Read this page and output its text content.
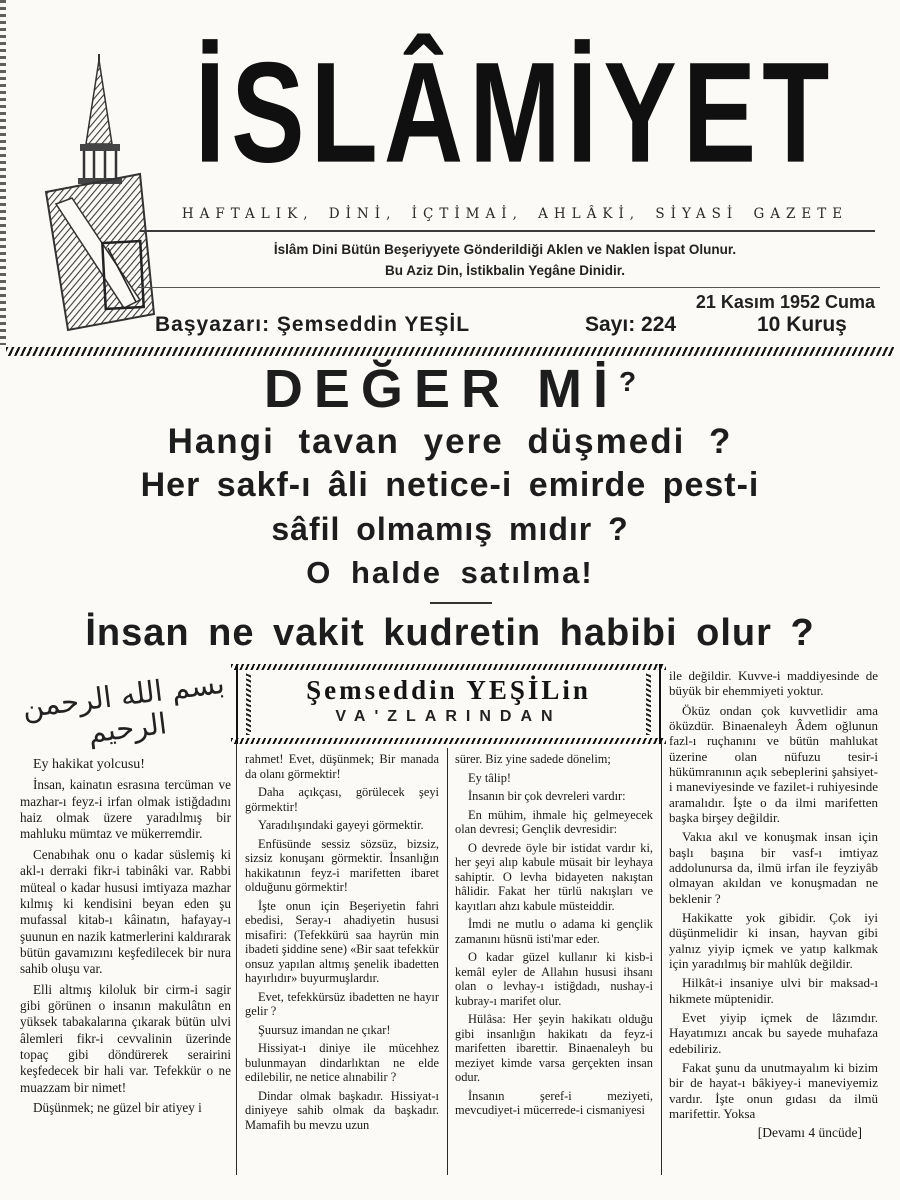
İSLÂMİYET
HAFTALIK, DİNİ, İÇTİMAİ, AHLÂKİ, SİYASİ GAZETE
İslâm Dini Bütün Beşeriyyete Gönderildiği Aklen ve Naklen İspat Olunur.
Bu Aziz Din, İstikbalin Yegâne Dinidir.
21 Kasım 1952 Cuma
Başyazarı: Şemseddin YEŞİL	Sayı: 224	10 Kuruş
DEĞER Mİ?
Hangi tavan yere düşmedi ?
Her sakf-ı âli netice-i emirde pest-i
sâfil olmamış mıdır ?
O halde satılma!
İnsan ne vakit kudretin habibi olur ?
Şemseddin YEŞİLin
VA'ZLARINDAN
بسم الله الرحمن الرحيم

Ey hakikat yolcusu!

İnsan, kainatın esrasına tercüman ve mazhar-ı feyz-i irfan olmak istiğdadını haiz olmak üzere yaradılmış bir mahluku mümtaz ve mükerremdir.

Cenabıhak onu o kadar süslemiş ki akl-ı derraki fikr-i tabinâki var. Rabbi müteal o kadar hususi imtiyaza mazhar kılmış ki kendisini beyan eden şu mufassal kitab-ı kâinatın, hafayay-ı şuunun en nazik katmerlerini kaldırarak bütün gavamızını keşfedilecek bir nura sahib oluşu var.

Elli altmış kiloluk bir cirm-i sagir gibi görünen o insanın makulâtın en yüksek tabakalarına çıkarak bütün ulvi âlemleri fikr-i cevvalinin üzerinde topaç gibi döndürerek serairini keşfedecek bir hali var. Tefekkür o ne muazzam bir nimet!

Düşünmek; ne güzel bir atiyey i

rahmet! Evet, düşünmek; Bir manada da olanı görmektir!

Daha açıkçası, görülecek şeyi görmektir!

Yaradılışındaki gayeyi görmektir.

Enfüsünde sessiz sözsüz, bizsiz, sizsiz konuşanı görmektir. İnsanlığın hakikatının feyz-i marifetten ibaret olduğunu görmektir!

İşte onun için Beşeriyetin fahri ebedisi, Seray-ı ahadiyetin hususi misafiri: (Tefekkürü saa hayrün min ibadeti şiddine sene) «Bir saat tefekkür onsuz yapılan altmış şenelik ibadetten hayırlıdır» buyurmuşlardır.

Evet, tefekkürsüz ibadetten ne hayır gelir ?

Şuursuz imandan ne çıkar!

Hissiyat-ı diniye ile mücehhez bulunmayan dindarlıktan ne elde edilebilir, ne netice alınabilir ?

Dindar olmak başkadır. Hissiyat-ı diniyeye sahib olmak da başkadır. Mamafih bu mevzu uzun

sürer. Biz yine sadede dönelim;

Ey tâlip!

İnsanın bir çok devreleri vardır:

En mühim, ihmale hiç gelmeyecek olan devresi; Gençlik devresidir:

O devrede öyle bir istidat vardır ki, her şeyi alıp kabule müsait bir leyhaya sahiptir. O levha bidayeten nakıştan hâlidir. Fakat her türlü nakışları ve kayıtları ahzı kabule müsteiddir.

İmdi ne mutlu o adama ki gençlik zamanını hüsnü isti'mar eder.

O kadar güzel kullanır ki kisb-i kemâl eyler de Allahın hususi ihsanı olan o levhay-ı istiğdadı, nushay-i kubray-ı marifet olur.

Hülâsa: Her şeyin hakikatı olduğu gibi insanlığın hakikatı da feyz-i marifetten ibarettir. Binaenaleyh bu meziyet kimde varsa gerçekten insan odur.

İnsanın şeref-i meziyeti, mevcudiyet-i mücerrede-i cismaniyesi

ile değildir. Kuvve-i maddiyesinde de büyük bir ehemmiyeti yoktur.

Öküz ondan çok kuvvetlidir ama öküzdür. Binaenaleyh Âdem oğlunun fazl-ı ruçhanını ve bütün mahlukat üzerine olan nüfuzu tesir-i hükümranının açık sebeplerini şahsiyet-i maneviyesinde ve fazilet-i ruhiyesinde aramalıdır. İşte o da ilmi marifetten başka birşey değildir.

Vakıa akıl ve konuşmak insan için başlı başına bir vasf-ı imtiyaz addolunursa da, ilmü irfan ile feyziyâb olmayan akıldan ve konuşmadan ne beklenir ?

Hakikatte yok gibidir. Çok iyi düşünmelidir ki insan, hayvan gibi yalnız yiyip içmek ve yatıp kalkmak için yaradılmış bir mahlûk değildir.

Hilkât-i insaniye ulvi bir maksad-ı hikmete müptenidir.

Evet yiyip içmek de lâzımdır. Hayatımızı ancak bu sayede muhafaza edebiliriz.

Fakat şunu da unutmayalım ki bizim bir de hayat-ı bâkiyey-i maneviyemiz vardır. İşte onun gıdası da ilmü marifettir. Yoksa

[Devamı 4 üncüde]
